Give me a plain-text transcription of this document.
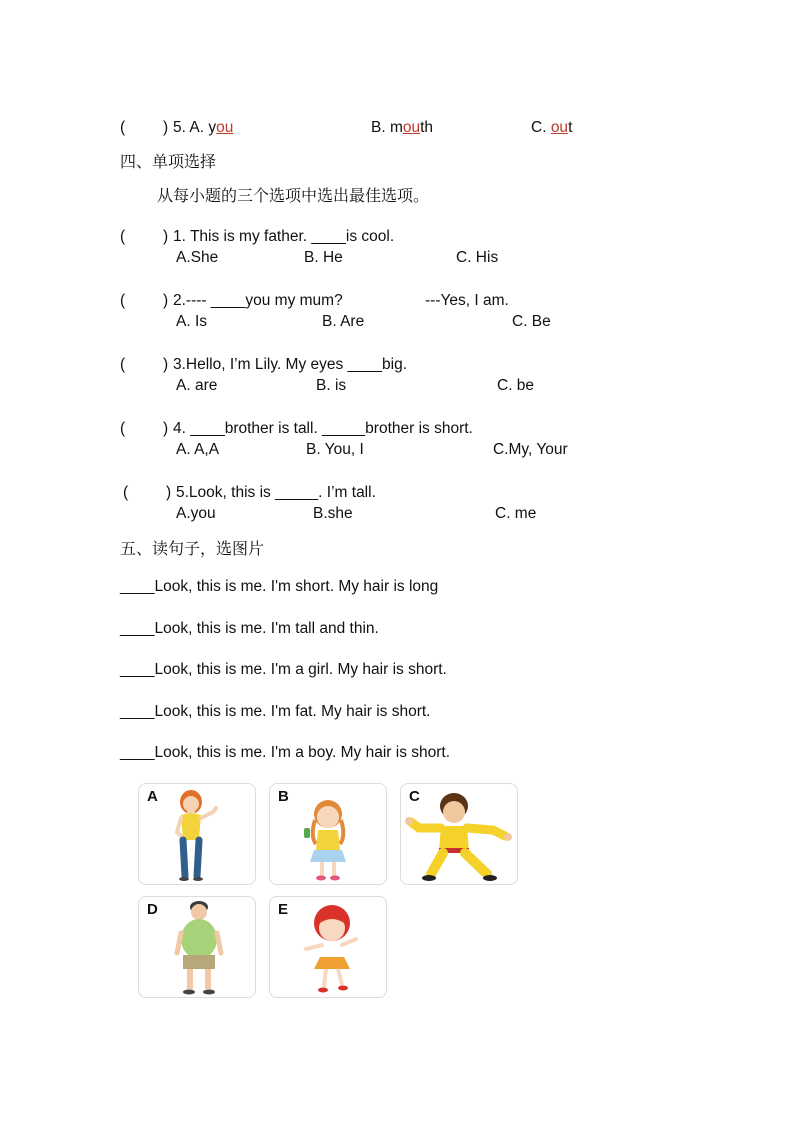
( ) 5. A. you	B. mouth	C. out
四、单项选择
从每小题的三个选项中选出最佳选项。
( ) 1. This is my father. ____is cool.
A.She	B. He	C. His
( ) 2.---- ____you my mum?	---Yes, I am.
A. Is	B. Are	C. Be
( ) 3.Hello, I’m Lily. My eyes ____big.
A. are	B. is	C. be
( ) 4. ____brother is tall. _____brother is short.
A. A,A	B. You, I	C.My, Your
( ) 5.Look, this is _____. I’m tall.
A.you	B.she	C. me
五、读句子，选图片
____Look, this is me. I'm short. My hair is long
____Look, this is me. I'm tall and thin.
____Look, this is me. I'm a girl. My hair is short.
____Look, this is me. I'm fat. My hair is short.
____Look, this is me. I'm a boy. My hair is short.
A	B	C
D	E
